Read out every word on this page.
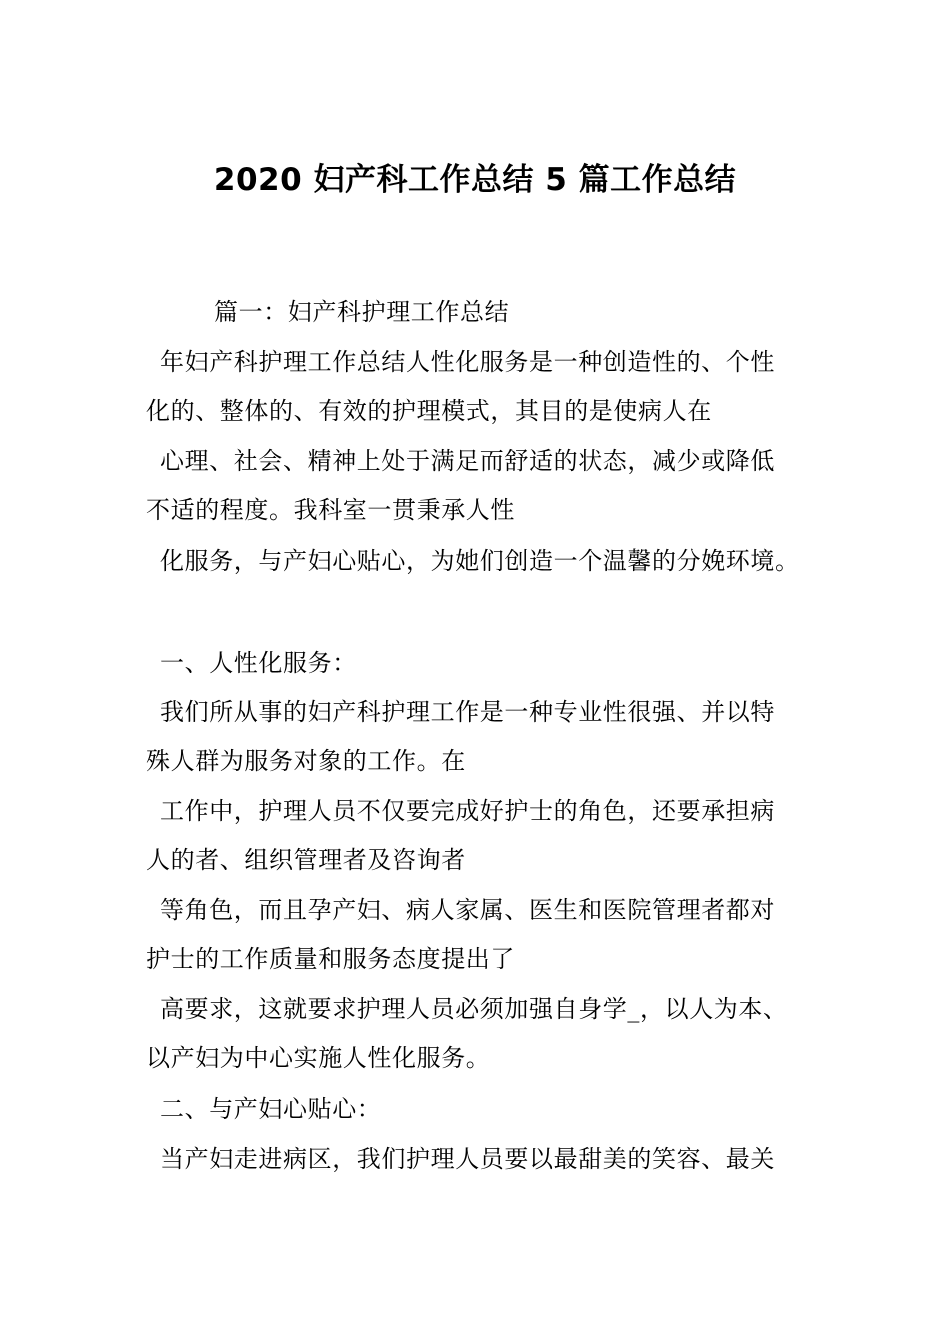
2020 妇产科工作总结 5 篇工作总结
篇一：妇产科护理工作总结
年妇产科护理工作总结人性化服务是一种创造性的、个性
化的、整体的、有效的护理模式，其目的是使病人在
心理、社会、精神上处于满足而舒适的状态，减少或降低
不适的程度。我科室一贯秉承人性
化服务，与产妇心贴心，为她们创造一个温馨的分娩环境。
一、人性化服务：
我们所从事的妇产科护理工作是一种专业性很强、并以特
殊人群为服务对象的工作。在
工作中，护理人员不仅要完成好护士的角色，还要承担病
人的者、组织管理者及咨询者
等角色，而且孕产妇、病人家属、医生和医院管理者都对
护士的工作质量和服务态度提出了
高要求，这就要求护理人员必须加强自身学_，以人为本、
以产妇为中心实施人性化服务。
二、与产妇心贴心：
当产妇走进病区，我们护理人员要以最甜美的笑容、最关
